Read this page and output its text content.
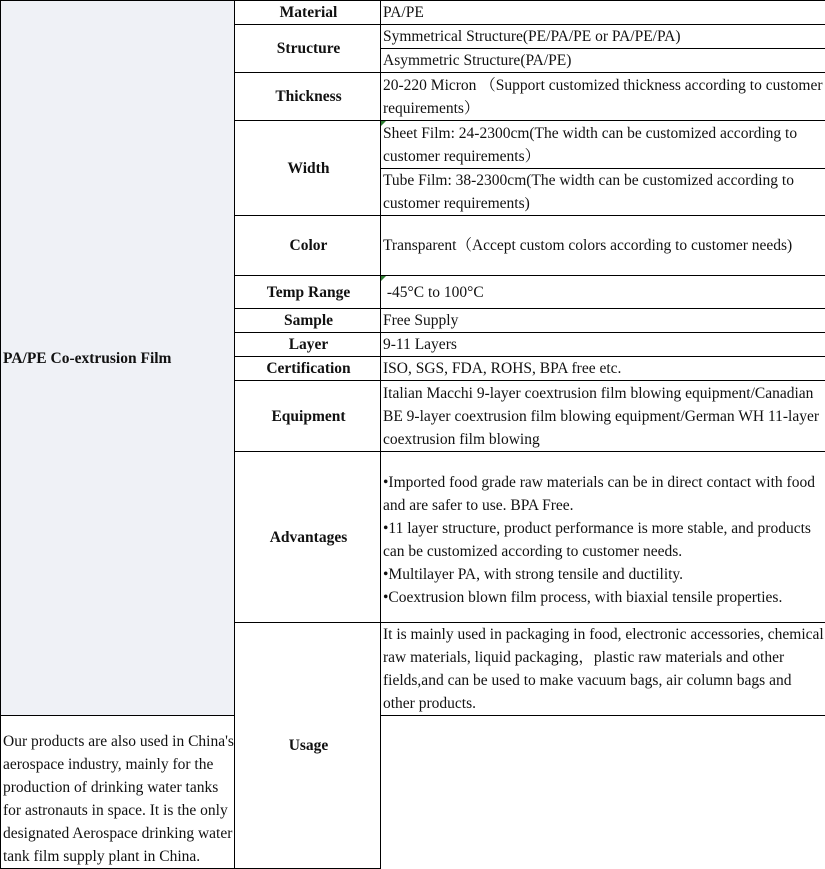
PA/PE Co-extrusion Film	Material	PA/PE
	Structure	Symmetrical Structure(PE/PA/PE or PA/PE/PA)
		Asymmetric Structure(PA/PE)
	Thickness	20-220 Micron （Support customized thickness according to customer requirements）
	Width	Sheet Film: 24-2300cm(The width can be customized according to customer requirements）
		Tube Film: 38-2300cm(The width can be customized according to customer requirements)
	Color	Transparent（Accept custom colors according to customer needs)
	Temp Range	-45°C to 100°C
	Sample	Free Supply
	Layer	9-11 Layers
	Certification	ISO, SGS, FDA, ROHS, BPA free etc.
	Equipment	Italian Macchi 9-layer coextrusion film blowing equipment/Canadian BE 9-layer coextrusion film blowing equipment/German WH 11-layer coextrusion film blowing
	Advantages	•Imported food grade raw materials can be in direct contact with food and are safer to use. BPA Free.
•11 layer structure, product performance is more stable, and products can be customized according to customer needs.
•Multilayer PA, with strong tensile and ductility.
•Coextrusion blown film process, with biaxial tensile properties.

	Usage	It is mainly used in packaging in food, electronic accessories, chemical raw materials, liquid packaging，plastic raw materials and other fields,and can be used to make vacuum bags, air column bags and other products.
Our products are also used in China's aerospace industry, mainly for the production of drinking water tanks for astronauts in space. It is the only designated Aerospace drinking water tank film supply plant in China.		
